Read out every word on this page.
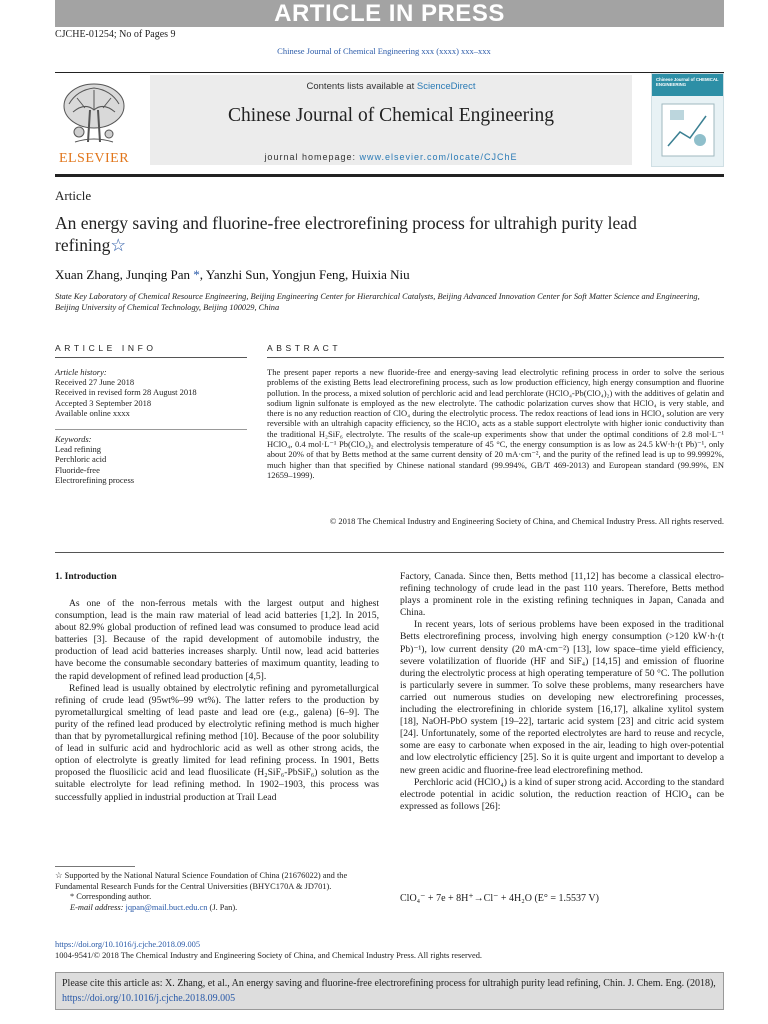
ARTICLE IN PRESS
CJCHE-01254; No of Pages 9
Chinese Journal of Chemical Engineering xxx (xxxx) xxx–xxx
ELSEVIER
Contents lists available at ScienceDirect
Chinese Journal of Chemical Engineering
journal homepage: www.elsevier.com/locate/CJChE
Chinese Journal of CHEMICAL ENGINEERING
Article
An energy saving and fluorine-free electrorefining process for ultrahigh purity lead refining☆
Xuan Zhang, Junqing Pan *, Yanzhi Sun, Yongjun Feng, Huixia Niu
State Key Laboratory of Chemical Resource Engineering, Beijing Engineering Center for Hierarchical Catalysts, Beijing Advanced Innovation Center for Soft Matter Science and Engineering, Beijing University of Chemical Technology, Beijing 100029, China
ARTICLE INFO	ABSTRACT
Article history:
Received 27 June 2018
Received in revised form 28 August 2018
Accepted 3 September 2018
Available online xxxx
Keywords:
Lead refining
Perchloric acid
Fluoride-free
Electrorefining process
The present paper reports a new fluoride-free and energy-saving lead electrolytic refining process in order to solve the serious problems of the existing Betts lead electrorefining process, such as low production efficiency, high energy consumption and fluorine pollution. In the process, a mixed solution of perchloric acid and lead perchlorate (HClO₄-Pb(ClO₄)₂) with the additives of gelatin and sodium lignin sulfonate is employed as the new electrolyte. The cathodic polarization curves show that HClO₄ is very stable, and there is no any reduction reaction of ClO₄ during the electrolytic process. The redox reactions of lead ions in HClO₄ solution are very reversible with an ultrahigh capacity efficiency, so the HClO₄ acts as a stable support electrolyte with higher ionic conductivity than the traditional H₂SiF₆ electrolyte. The results of the scale-up experiments show that under the optimal conditions of 2.8 mol·L⁻¹ HClO₄, 0.4 mol·L⁻¹ Pb(ClO₄)₂ and electrolysis temperature of 45 °C, the energy consumption is as low as 24.5 kW·h·(t Pb)⁻¹, only about 20% of that by Betts method at the same current density of 20 mA·cm⁻², and the purity of the refined lead is up to 99.9992%, much higher than that specified by Chinese national standard (99.994%, GB/T 469-2013) and European standard (99.99%, EN 12659–1999).
© 2018 The Chemical Industry and Engineering Society of China, and Chemical Industry Press. All rights reserved.
1. Introduction

As one of the non-ferrous metals with the largest output and highest consumption, lead is the main raw material of lead acid batteries [1,2]. In 2015, about 82.9% global production of refined lead was consumed to produce lead acid batteries [3]. Because of the rapid development of automobile industry, the production of lead acid batteries increases sharply. Until now, lead acid batteries have become the consumable secondary batteries of maximum quantity, leading to the rapid development of refined lead production [4,5].

Refined lead is usually obtained by electrolytic refining and pyrometallurgical refining of crude lead (95wt%–99 wt%). The latter refers to the production by pyrometallurgical smelting of lead paste and lead ore (e.g., galena) [6–9]. The purity of the refined lead produced by electrolytic refining method is much higher than that by pyrometallurgical refining method [10]. Because of the poor solubility of lead in sulfuric acid and hydrochloric acid as well as other strong acids, the option of electrolyte is greatly limited for lead refining process. In 1901, Betts proposed the fluosilicic acid and lead fluosilicate (H₂SiF₆-PbSiF₆) solution as the suitable electrolyte for lead refining method. In 1902–1903, this process was successfully applied in industrial production at Trail Lead

Factory, Canada. Since then, Betts method [11,12] has become a classical electro-refining technology of crude lead in the past 110 years. Therefore, Betts method plays a prominent role in the existing refining techniques in Japan, Canada and China.

In recent years, lots of serious problems have been exposed in the traditional Betts electrorefining process, involving high energy consumption (>120 kW·h·(t Pb)⁻¹), low current density (20 mA·cm⁻²) [13], low space–time yield efficiency, severe volatilization of fluoride (HF and SiF₄) [14,15] and emission of fluorine during the electrolytic process at high operating temperature of 50 °C. The pollution is particularly severe in summer. To solve these problems, many researchers have carried out numerous studies on developing new electrorefining processes, including the electrorefining in chloride system [16,17], alkaline xylitol system [18], NaOH-PbO system [19–22], tartaric acid system [23] and citric acid system [24]. Unfortunately, some of the reported electrolytes are hard to reuse and recycle, some are easy to carbonate when exposed in the air, leading to high over-potential and low electrolytic efficiency [25]. So it is quite urgent and important to develop a new green acidic and fluorine-free lead electrorefining method.

Perchloric acid (HClO₄) is a kind of super strong acid. According to the standard electrode potential in acidic solution, the reduction reaction of HClO₄ can be expressed as follows [26]:

ClO₄⁻ + 7e + 8H⁺→Cl⁻ + 4H₂O (E° = 1.5537 V)
☆ Supported by the National Natural Science Foundation of China (21676022) and the Fundamental Research Funds for the Central Universities (BHYC170A & JD701).
* Corresponding author.
E-mail address: jqpan@mail.buct.edu.cn (J. Pan).
https://doi.org/10.1016/j.cjche.2018.09.005
1004-9541/© 2018 The Chemical Industry and Engineering Society of China, and Chemical Industry Press. All rights reserved.
Please cite this article as: X. Zhang, et al., An energy saving and fluorine-free electrorefining process for ultrahigh purity lead refining, Chin. J. Chem. Eng. (2018), https://doi.org/10.1016/j.cjche.2018.09.005
